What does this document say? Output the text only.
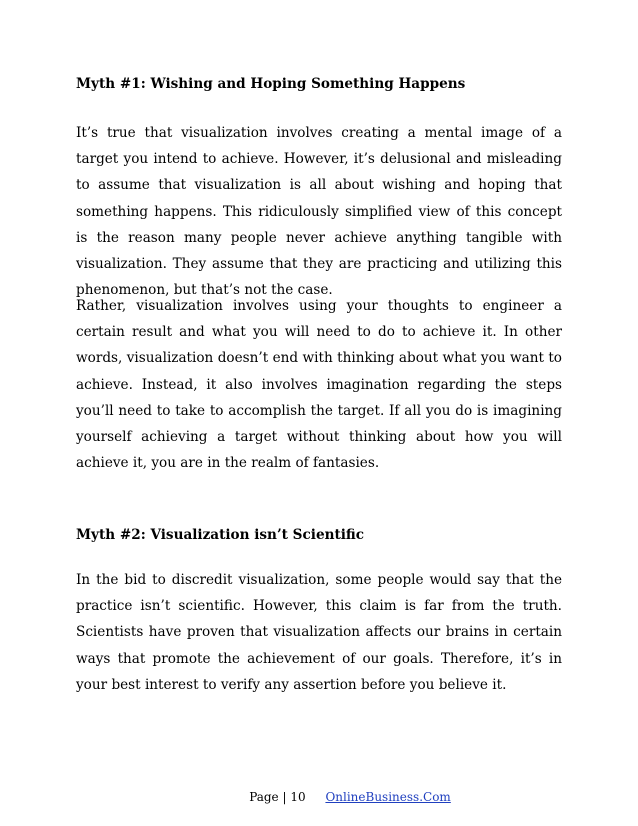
Myth #1: Wishing and Hoping Something Happens

It’s true that visualization involves creating a mental image of a target you intend to achieve. However, it’s delusional and misleading to assume that visualization is all about wishing and hoping that something happens. This ridiculously simplified view of this concept is the reason many people never achieve anything tangible with visualization. They assume that they are practicing and utilizing this phenomenon, but that’s not the case.

Rather, visualization involves using your thoughts to engineer a certain result and what you will need to do to achieve it. In other words, visualization doesn’t end with thinking about what you want to achieve. Instead, it also involves imagination regarding the steps you’ll need to take to accomplish the target. If all you do is imagining yourself achieving a target without thinking about how you will achieve it, you are in the realm of fantasies.

Myth #2: Visualization isn’t Scientific

In the bid to discredit visualization, some people would say that the practice isn’t scientific. However, this claim is far from the truth. Scientists have proven that visualization affects our brains in certain ways that promote the achievement of our goals. Therefore, it’s in your best interest to verify any assertion before you believe it.

Page | 10 OnlineBusiness.Com
